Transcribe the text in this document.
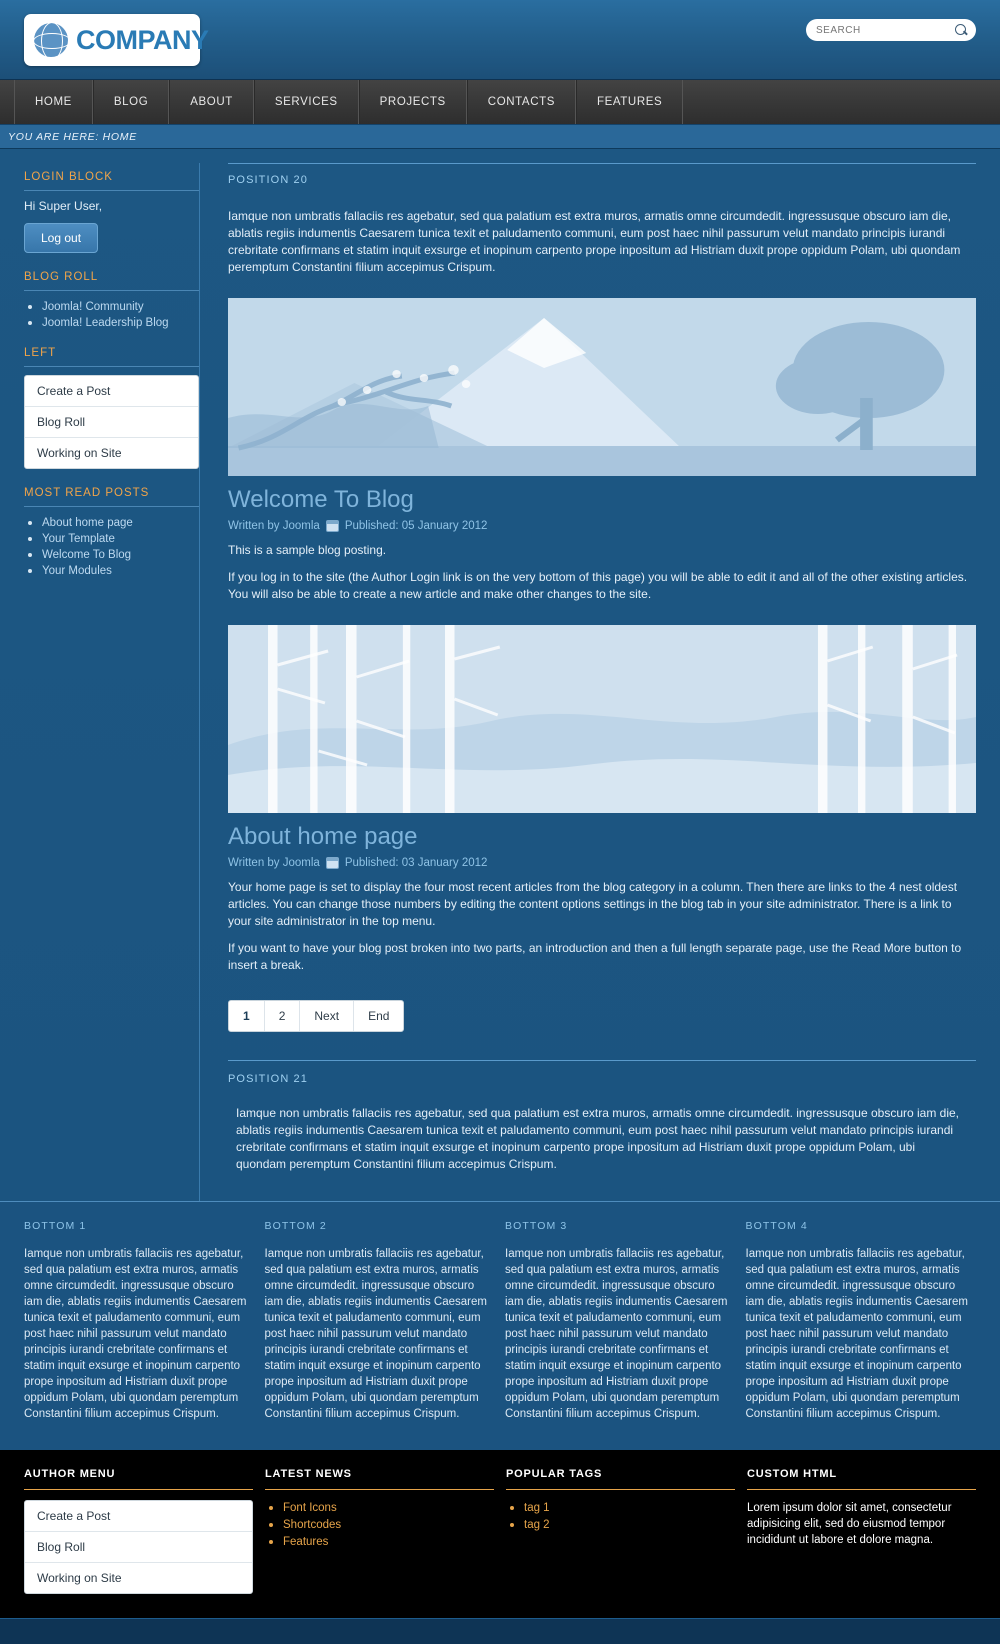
COMPANY
SEARCH
HOME	BLOG	ABOUT	SERVICES	PROJECTS	CONTACTS	FEATURES
YOU ARE HERE: HOME
LOGIN BLOCK

Hi Super User,

Log out
BLOG ROLL
• Joomla! Community
• Joomla! Leadership Blog
LEFT
Create a Post
Blog Roll
Working on Site
MOST READ POSTS
• About home page
• Your Template
• Welcome To Blog
• Your Modules
POSITION 20

Iamque non umbratis fallaciis res agebatur, sed qua palatium est extra muros, armatis omne circumdedit. ingressusque obscuro iam die, ablatis regiis indumentis Caesarem tunica texit et paludamento communi, eum post haec nihil passurum velut mandato principis iurandi crebritate confirmans et statim inquit exsurge et inopinum carpento prope inpositum ad Histriam duxit prope oppidum Polam, ubi quondam peremptum Constantini filium accepimus Crispum.

Welcome To Blog
Written by Joomla Published: 05 January 2012

This is a sample blog posting.

If you log in to the site (the Author Login link is on the very bottom of this page) you will be able to edit it and all of the other existing articles. You will also be able to create a new article and make other changes to the site.

About home page
Written by Joomla Published: 03 January 2012

Your home page is set to display the four most recent articles from the blog category in a column. Then there are links to the 4 nest oldest articles. You can change those numbers by editing the content options settings in the blog tab in your site administrator. There is a link to your site administrator in the top menu.

If you want to have your blog post broken into two parts, an introduction and then a full length separate page, use the Read More button to insert a break.

1	2	Next	End
POSITION 21

Iamque non umbratis fallaciis res agebatur, sed qua palatium est extra muros, armatis omne circumdedit. ingressusque obscuro iam die, ablatis regiis indumentis Caesarem tunica texit et paludamento communi, eum post haec nihil passurum velut mandato principis iurandi crebritate confirmans et statim inquit exsurge et inopinum carpento prope inpositum ad Histriam duxit prope oppidum Polam, ubi quondam peremptum Constantini filium accepimus Crispum.

BOTTOM 1

Iamque non umbratis fallaciis res agebatur, sed qua palatium est extra muros, armatis omne circumdedit. ingressusque obscuro iam die, ablatis regiis indumentis Caesarem tunica texit et paludamento communi, eum post haec nihil passurum velut mandato principis iurandi crebritate confirmans et statim inquit exsurge et inopinum carpento prope inpositum ad Histriam duxit prope oppidum Polam, ubi quondam peremptum Constantini filium accepimus Crispum.

BOTTOM 2

Iamque non umbratis fallaciis res agebatur, sed qua palatium est extra muros, armatis omne circumdedit. ingressusque obscuro iam die, ablatis regiis indumentis Caesarem tunica texit et paludamento communi, eum post haec nihil passurum velut mandato principis iurandi crebritate confirmans et statim inquit exsurge et inopinum carpento prope inpositum ad Histriam duxit prope oppidum Polam, ubi quondam peremptum Constantini filium accepimus Crispum.

BOTTOM 3

Iamque non umbratis fallaciis res agebatur, sed qua palatium est extra muros, armatis omne circumdedit. ingressusque obscuro iam die, ablatis regiis indumentis Caesarem tunica texit et paludamento communi, eum post haec nihil passurum velut mandato principis iurandi crebritate confirmans et statim inquit exsurge et inopinum carpento prope inpositum ad Histriam duxit prope oppidum Polam, ubi quondam peremptum Constantini filium accepimus Crispum.

BOTTOM 4

Iamque non umbratis fallaciis res agebatur, sed qua palatium est extra muros, armatis omne circumdedit. ingressusque obscuro iam die, ablatis regiis indumentis Caesarem tunica texit et paludamento communi, eum post haec nihil passurum velut mandato principis iurandi crebritate confirmans et statim inquit exsurge et inopinum carpento prope inpositum ad Histriam duxit prope oppidum Polam, ubi quondam peremptum Constantini filium accepimus Crispum.

AUTHOR MENU
Create a Post
Blog Roll
Working on Site
LATEST NEWS
• Font Icons
• Shortcodes
• Features
POPULAR TAGS
• tag 1
• tag 2
CUSTOM HTML

Lorem ipsum dolor sit amet, consectetur adipisicing elit, sed do eiusmod tempor incididunt ut labore et dolore magna.
